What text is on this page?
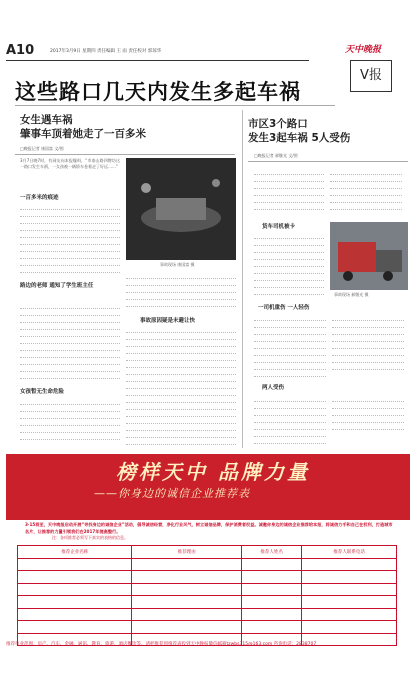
A10	2017年3月9日 星期四 责任编辑 王 雨 责任校对 郭琼华	天中晚报
V报
这些路口几天内发生多起车祸
女生遇车祸
肇事车顶着她走了一百多米
□晚报记者 康国富 文/图
3月7日晚7时，有网友向本报爆料，“市泰山路四牌坊这一路口发生车祸，一女孩被一辆轿车卷着走了好远……”
一百多米的痕迹
路边的老师 通知了学生班主任
女孩暂无生命危险
事故现场 康国富 摄
事故原因疑是未避让快
市区3个路口
发生3起车祸 5人受伤
□晚报记者 郝继光 文/图
货车司机被卡
事故现场 郝继光 摄
一司机重伤 一人轻伤
两人受伤
榜样天中 品牌力量
——你身边的诚信企业推荐表
3·15将至，天中晚报启动开展“寻找身边的诚信企业”活动，倡导诚信经营，净化行业风气，树立诚信品牌，保护消费者权益。诚邀你身边的诚信企业推荐给本报，将诚信力手和自己在权利，打造城市名片，让推荐的力量引领我们在2017年提高整行。
注：各项推荐必须写下真实的表格的信息。
推荐企业名称	推荐理由	推荐人姓名	推荐人联系电话

推荐行业范围：房产、汽车、金融、通讯、教育、旅游、酒店餐饮等。请把推荐到推荐表投到天中晚报微信邮箱tzwbs315@163.com 咨询电话：2838707
